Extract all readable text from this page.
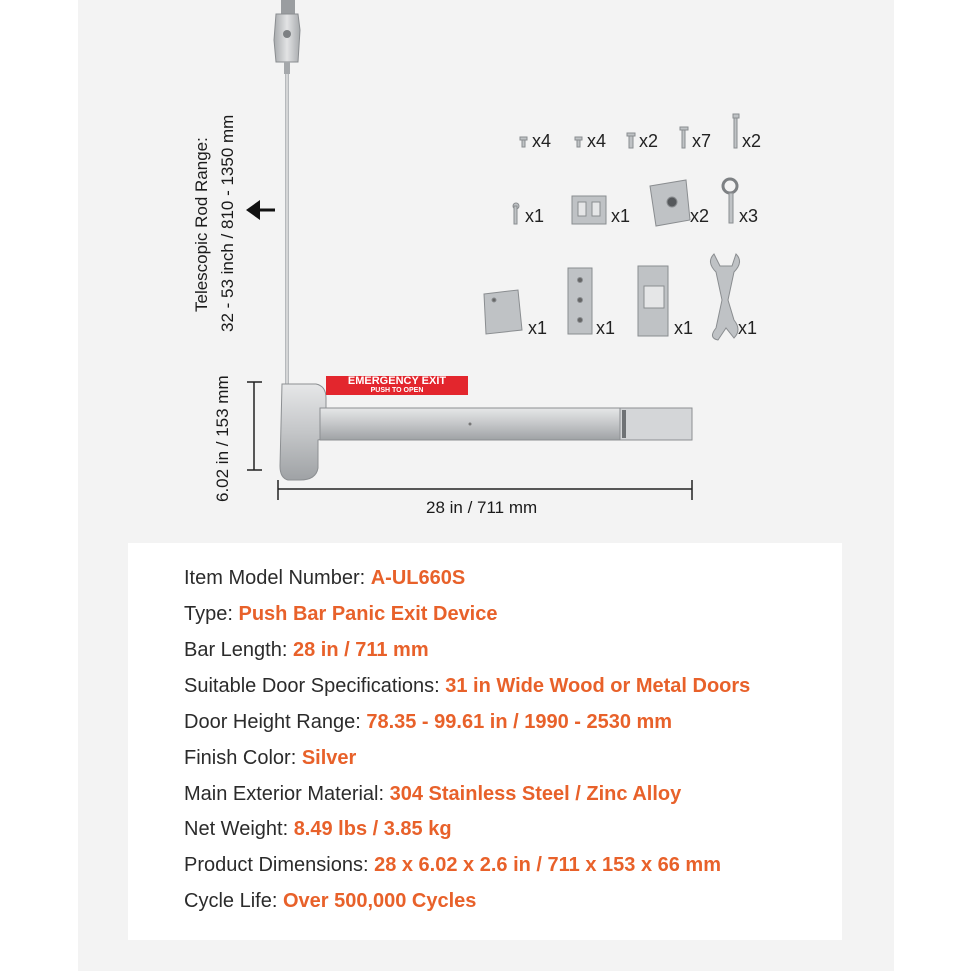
EMERGENCY EXIT
PUSH TO OPEN
Telescopic Rod Range: 32 - 53 inch / 810 - 1350 mm
6.02 in / 153 mm
28 in / 711 mm
x4 x4 x2 x7 x2
x1	x1	x2 x3
x1	x1	x1 x1
Item Model Number: A-UL660S
Type: Push Bar Panic Exit Device
Bar Length: 28 in / 711 mm
Suitable Door Specifications: 31 in Wide Wood or Metal Doors
Door Height Range: 78.35 - 99.61 in / 1990 - 2530 mm
Finish Color: Silver
Main Exterior Material: 304 Stainless Steel / Zinc Alloy
Net Weight: 8.49 lbs / 3.85 kg
Product Dimensions: 28 x 6.02 x 2.6 in / 711 x 153 x 66 mm
Cycle Life: Over 500,000 Cycles
